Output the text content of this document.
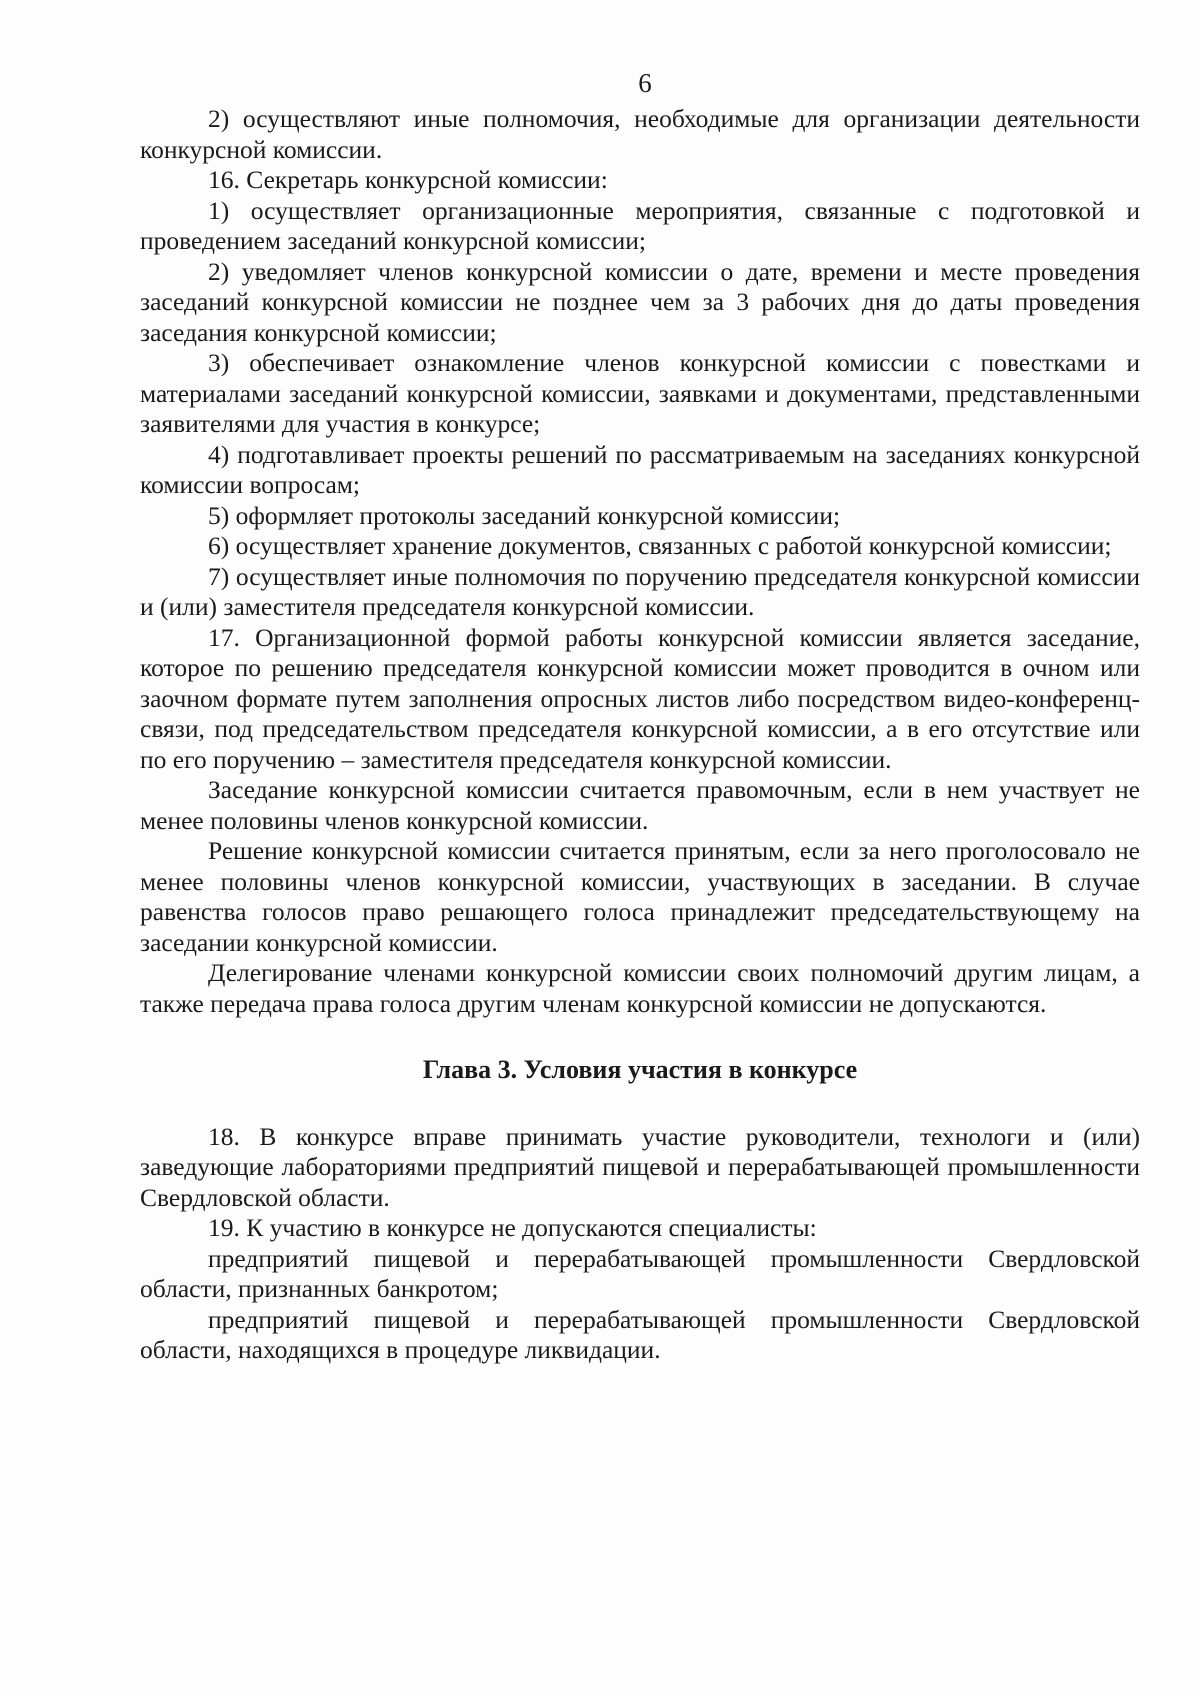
6

2) осуществляют иные полномочия, необходимые для организации деятельности конкурсной комиссии.

16. Секретарь конкурсной комиссии:

1) осуществляет организационные мероприятия, связанные с подготовкой и проведением заседаний конкурсной комиссии;

2) уведомляет членов конкурсной комиссии о дате, времени и месте проведения заседаний конкурсной комиссии не позднее чем за 3 рабочих дня до даты проведения заседания конкурсной комиссии;

3) обеспечивает ознакомление членов конкурсной комиссии с повестками и материалами заседаний конкурсной комиссии, заявками и документами, представленными заявителями для участия в конкурсе;

4) подготавливает проекты решений по рассматриваемым на заседаниях конкурсной комиссии вопросам;

5) оформляет протоколы заседаний конкурсной комиссии;

6) осуществляет хранение документов, связанных с работой конкурсной комиссии;

7) осуществляет иные полномочия по поручению председателя конкурсной комиссии и (или) заместителя председателя конкурсной комиссии.

17. Организационной формой работы конкурсной комиссии является заседание, которое по решению председателя конкурсной комиссии может проводится в очном или заочном формате путем заполнения опросных листов либо посредством видео-конференц-связи, под председательством председателя конкурсной комиссии, а в его отсутствие или по его поручению – заместителя председателя конкурсной комиссии.

Заседание конкурсной комиссии считается правомочным, если в нем участвует не менее половины членов конкурсной комиссии.

Решение конкурсной комиссии считается принятым, если за него проголосовало не менее половины членов конкурсной комиссии, участвующих в заседании. В случае равенства голосов право решающего голоса принадлежит председательствующему на заседании конкурсной комиссии.

Делегирование членами конкурсной комиссии своих полномочий другим лицам, а также передача права голоса другим членам конкурсной комиссии не допускаются.

Глава 3. Условия участия в конкурсе

18. В конкурсе вправе принимать участие руководители, технологи и (или) заведующие лабораториями предприятий пищевой и перерабатывающей промышленности Свердловской области.

19. К участию в конкурсе не допускаются специалисты:

предприятий пищевой и перерабатывающей промышленности Свердловской области, признанных банкротом;

предприятий пищевой и перерабатывающей промышленности Свердловской области, находящихся в процедуре ликвидации.
